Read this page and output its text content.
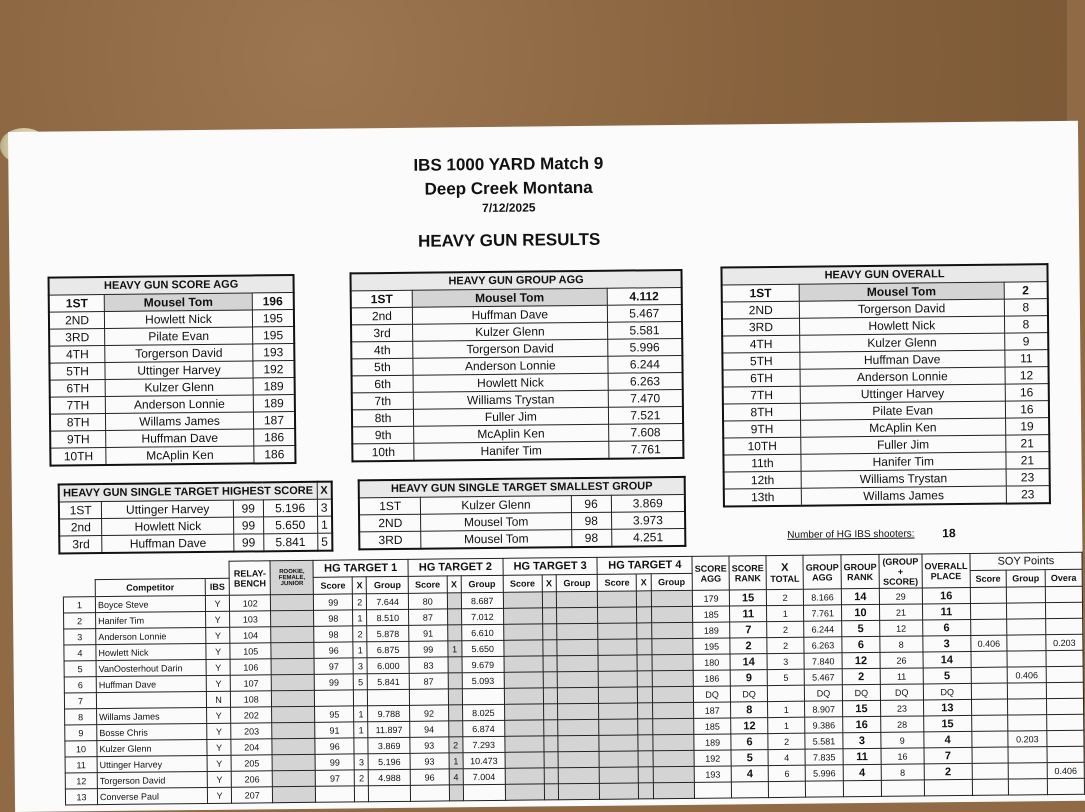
IBS 1000 YARD Match 9
Deep Creek Montana
7/12/2025
HEAVY GUN RESULTS
HEAVY GUN SCORE AGG		
1ST	Mousel Tom	196
2ND	Howlett Nick	195
3RD	Pilate Evan	195
4TH	Torgerson David	193
5TH	Uttinger Harvey	192
6TH	Kulzer Glenn	189
7TH	Anderson Lonnie	189
8TH	Willams James	187
9TH	Huffman Dave	186
10TH	McAplin Ken	186
HEAVY GUN GROUP AGG		
1ST	Mousel Tom	4.112
2nd	Huffman Dave	5.467
3rd	Kulzer Glenn	5.581
4th	Torgerson David	5.996
5th	Anderson Lonnie	6.244
6th	Howlett Nick	6.263
7th	Williams Trystan	7.470
8th	Fuller Jim	7.521
9th	McAplin Ken	7.608
10th	Hanifer Tim	7.761
HEAVY GUN OVERALL		
1ST	Mousel Tom	2
2ND	Torgerson David	8
3RD	Howlett Nick	8
4TH	Kulzer Glenn	9
5TH	Huffman Dave	11
6TH	Anderson Lonnie	12
7TH	Uttinger Harvey	16
8TH	Pilate Evan	16
9TH	McAplin Ken	19
10TH	Fuller Jim	21
11th	Hanifer Tim	21
12th	Williams Trystan	23
13th	Willams James	23
HEAVY GUN SINGLE TARGET HIGHEST SCORE				X
1ST	Uttinger Harvey	99	5.196	3
2nd	Howlett Nick	99	5.650	1
3rd	Huffman Dave	99	5.841	5
HEAVY GUN SINGLE TARGET SMALLEST GROUP			
1ST	Kulzer Glenn	96	3.869
2ND	Mousel Tom	98	3.973
3RD	Mousel Tom	98	4.251	Number of HG IBS shooters: 18
			RELAY-BENCH	ROOKIE, FEMALE, JUNIOR	HG TARGET 1			HG TARGET 2			HG TARGET 3			HG TARGET 4			SCORE AGG	SCORE RANK	X
TOTAL	GROUP AGG	GROUP RANK	(GROUP + SCORE)	OVERALL PLACE	SOY Points		
	Competitor	IBS			Score	X	Group	Score	X	Group	Score	X	Group	Score	X	Group								Score	Group	Overa
1	Boyce Steve	Y	102		99	2	7.644	80		8.687							179	15	2	8.166	14	29	16			
2	Hanifer Tim	Y	103		98	1	8.510	87		7.012							185	11	1	7.761	10	21	11			
3	Anderson Lonnie	Y	104		98	2	5.878	91		6.610							189	7	2	6.244	5	12	6			
4	Howlett Nick	Y	105		96	1	6.875	99	1	5.650							195	2	2	6.263	6	8	3	0.406		0.203
5	VanOosterhout Darin	Y	106		97	3	6.000	83		9.679							180	14	3	7.840	12	26	14			
6	Huffman Dave	Y	107		99	5	5.841	87		5.093							186	9	5	5.467	2	11	5		0.406	
7		N	108														DQ	DQ		DQ	DQ	DQ	DQ			
8	Willams James	Y	202		95	1	9.788	92		8.025							187	8	1	8.907	15	23	13			
9	Bosse Chris	Y	203		91	1	11.897	94		6.874							185	12	1	9.386	16	28	15			
10	Kulzer Glenn	Y	204		96		3.869	93	2	7.293							189	6	2	5.581	3	9	4		0.203	
11	Uttinger Harvey	Y	205		99	3	5.196	93	1	10.473							192	5	4	7.835	11	16	7			
12	Torgerson David	Y	206		97	2	4.988	96	4	7.004							193	4	6	5.996	4	8	2			0.406
13	Converse Paul	Y	207																							
